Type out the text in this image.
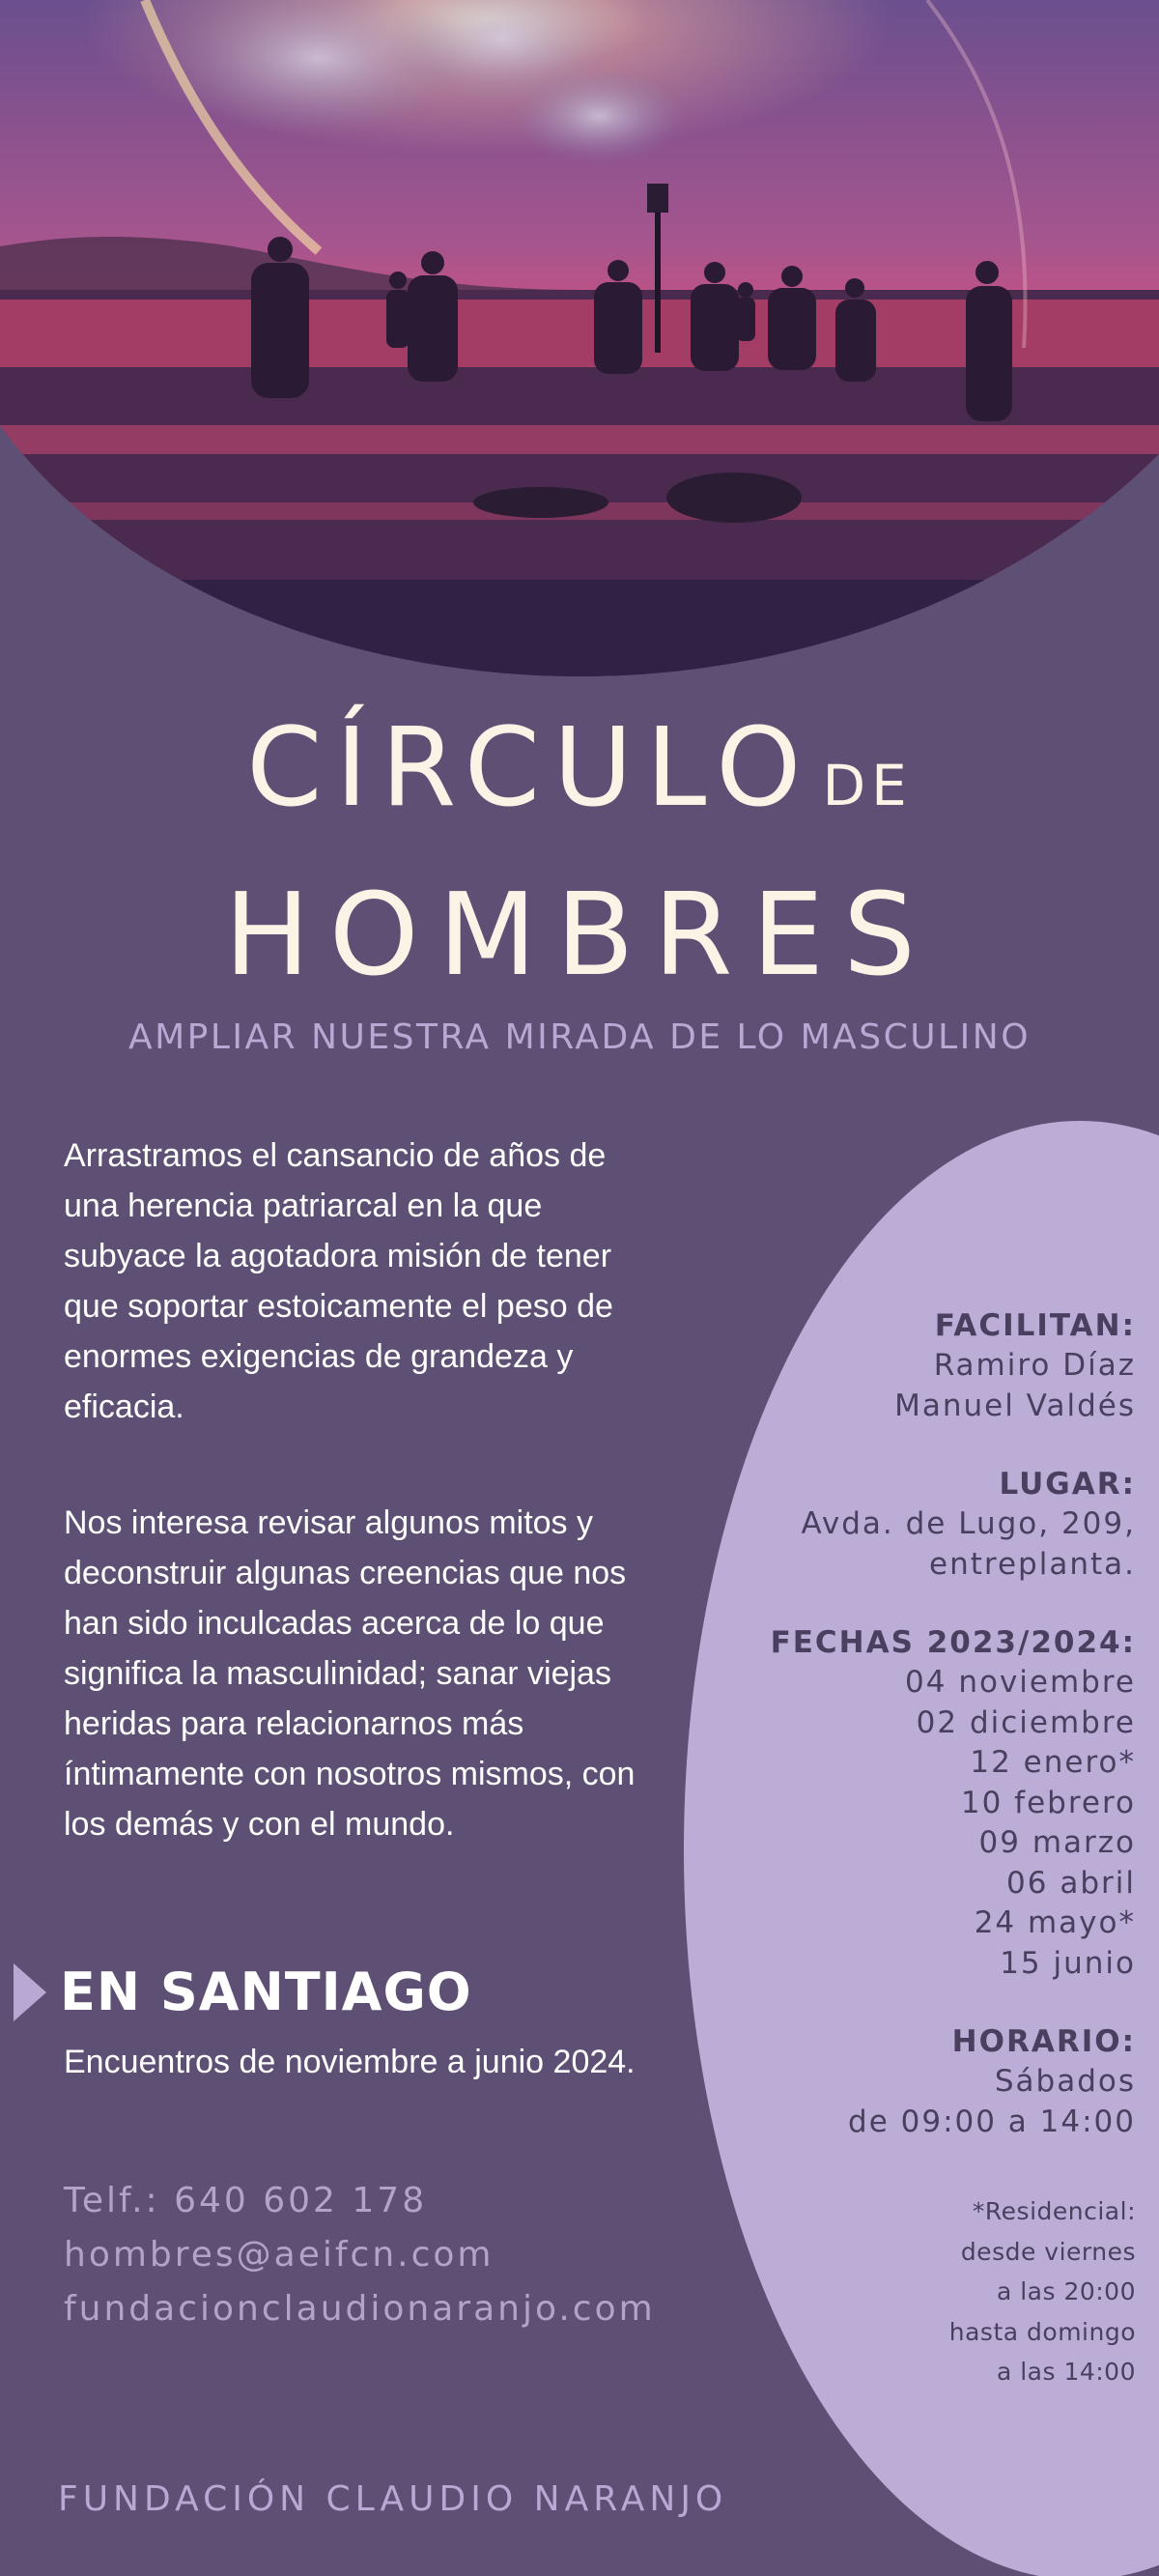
CÍRCULO DE
HOMBRES
AMPLIAR NUESTRA MIRADA DE LO MASCULINO

Arrastramos el cansancio de años de una herencia patriarcal en la que subyace la agotadora misión de tener que soportar estoicamente el peso de enormes exigencias de grandeza y eficacia.

Nos interesa revisar algunos mitos y deconstruir algunas creencias que nos han sido inculcadas acerca de lo que significa la masculinidad; sanar viejas heridas para relacionarnos más íntimamente con nosotros mismos, con los demás y con el mundo.

EN SANTIAGO
Encuentros de noviembre a junio 2024.
Telf.: 640 602 178
hombres@aeifcn.com
fundacionclaudionaranjo.com
FUNDACIÓN CLAUDIO NARANJO
FACILITAN:
Ramiro Díaz
Manuel Valdés
LUGAR:
Avda. de Lugo, 209,
entreplanta.
FECHAS 2023/2024:
04 noviembre
02 diciembre
12 enero*
10 febrero
09 marzo
06 abril
24 mayo*
15 junio
HORARIO:
Sábados
de 09:00 a 14:00
*Residencial:
desde viernes
a las 20:00
hasta domingo
a las 14:00
